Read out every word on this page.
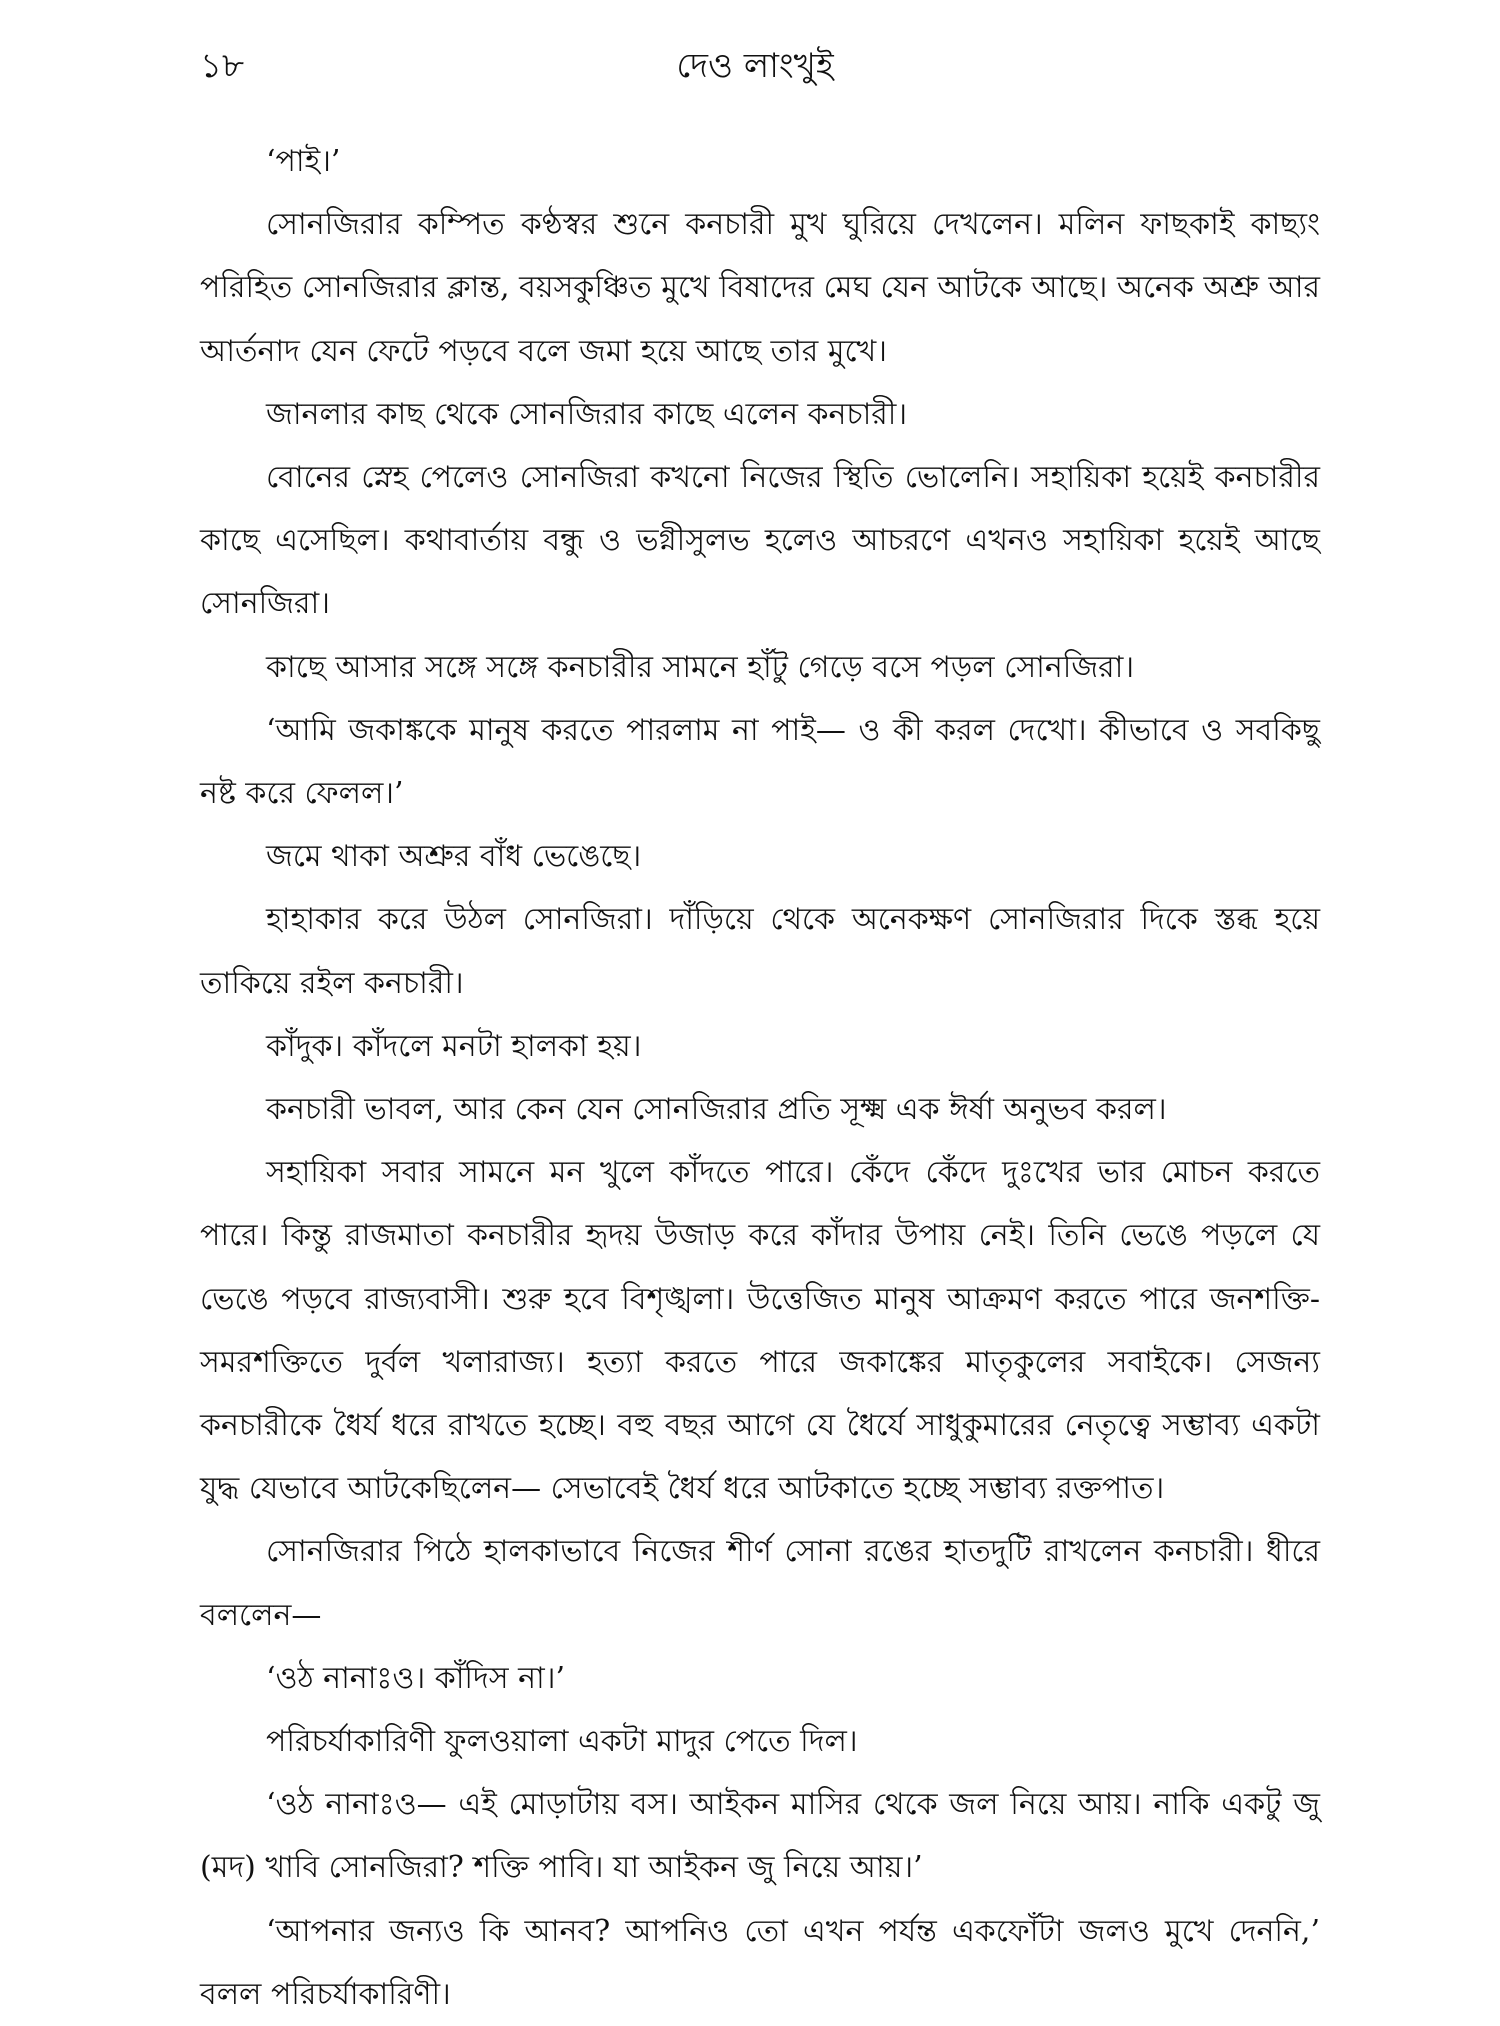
১৮	দেও লাংখুই

‘পাই।’

সোনজিরার কম্পিত কণ্ঠস্বর শুনে কনচারী মুখ ঘুরিয়ে দেখলেন। মলিন ফাছকাই কাছ্যং পরিহিত সোনজিরার ক্লান্ত, বয়সকুঞ্চিত মুখে বিষাদের মেঘ যেন আটকে আছে। অনেক অশ্রু আর আর্তনাদ যেন ফেটে পড়বে বলে জমা হয়ে আছে তার মুখে।

জানলার কাছ থেকে সোনজিরার কাছে এলেন কনচারী।

বোনের স্নেহ পেলেও সোনজিরা কখনো নিজের স্থিতি ভোলেনি। সহায়িকা হয়েই কনচারীর কাছে এসেছিল। কথাবার্তায় বন্ধু ও ভগ্নীসুলভ হলেও আচরণে এখনও সহায়িকা হয়েই আছে সোনজিরা।

কাছে আসার সঙ্গে সঙ্গে কনচারীর সামনে হাঁটু গেড়ে বসে পড়ল সোনজিরা।

‘আমি জকাঙ্ককে মানুষ করতে পারলাম না পাই— ও কী করল দেখো। কীভাবে ও সবকিছু নষ্ট করে ফেলল।’

জমে থাকা অশ্রুর বাঁধ ভেঙেছে।

হাহাকার করে উঠল সোনজিরা। দাঁড়িয়ে থেকে অনেকক্ষণ সোনজিরার দিকে স্তব্ধ হয়ে তাকিয়ে রইল কনচারী।

কাঁদুক। কাঁদলে মনটা হালকা হয়।

কনচারী ভাবল, আর কেন যেন সোনজিরার প্রতি সূক্ষ্ম এক ঈর্ষা অনুভব করল।

সহায়িকা সবার সামনে মন খুলে কাঁদতে পারে। কেঁদে কেঁদে দুঃখের ভার মোচন করতে পারে। কিন্তু রাজমাতা কনচারীর হৃদয় উজাড় করে কাঁদার উপায় নেই। তিনি ভেঙে পড়লে যে ভেঙে পড়বে রাজ্যবাসী। শুরু হবে বিশৃঙ্খলা। উত্তেজিত মানুষ আক্রমণ করতে পারে জনশক্তি-সমরশক্তিতে দুর্বল খলারাজ্য। হত্যা করতে পারে জকাঙ্কের মাতৃকুলের সবাইকে। সেজন্য কনচারীকে ধৈর্য ধরে রাখতে হচ্ছে। বহু বছর আগে যে ধৈর্যে সাধুকুমারের নেতৃত্বে সম্ভাব্য একটা যুদ্ধ যেভাবে আটকেছিলেন— সেভাবেই ধৈর্য ধরে আটকাতে হচ্ছে সম্ভাব্য রক্তপাত।

সোনজিরার পিঠে হালকাভাবে নিজের শীর্ণ সোনা রঙের হাতদুটি রাখলেন কনচারী। ধীরে বললেন—

‘ওঠ নানাঃও। কাঁদিস না।’

পরিচর্যাকারিণী ফুলওয়ালা একটা মাদুর পেতে দিল।

‘ওঠ নানাঃও— এই মোড়াটায় বস। আইকন মাসির থেকে জল নিয়ে আয়। নাকি একটু জু (মদ) খাবি সোনজিরা? শক্তি পাবি। যা আইকন জু নিয়ে আয়।’

‘আপনার জন্যও কি আনব? আপনিও তো এখন পর্যন্ত একফোঁটা জলও মুখে দেননি,’ বলল পরিচর্যাকারিণী।
